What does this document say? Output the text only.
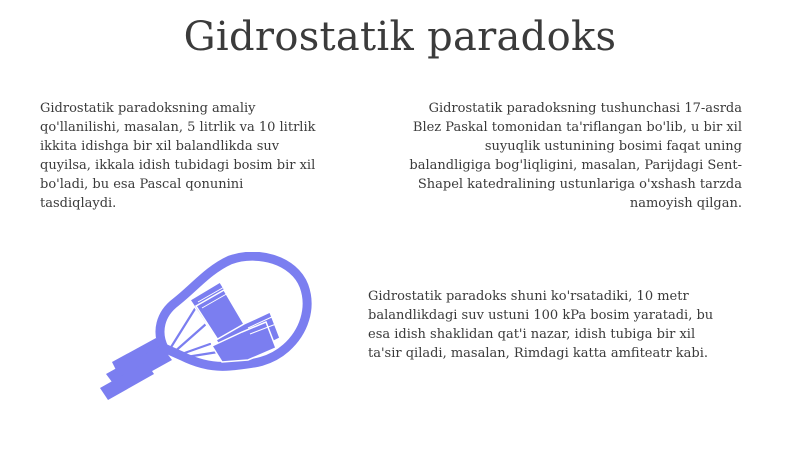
Gidrostatik paradoks
Gidrostatik paradoksning amaliy
qo'llanilishi, masalan, 5 litrlik va 10 litrlik
ikkita idishga bir xil balandlikda suv
quyilsa, ikkala idish tubidagi bosim bir xil
bo'ladi, bu esa Pascal qonunini
tasdiqlaydi.
Gidrostatik paradoksning tushunchasi 17-asrda
Blez Paskal tomonidan ta'riflangan bo'lib, u bir xil
suyuqlik ustunining bosimi faqat uning
balandligiga bog'liqligini, masalan, Parijdagi Sent-
Shapel katedralining ustunlariga o'xshash tarzda
namoyish qilgan.
Gidrostatik paradoks shuni ko'rsatadiki, 10 metr
balandlikdagi suv ustuni 100 kPa bosim yaratadi, bu
esa idish shaklidan qat'i nazar, idish tubiga bir xil
ta'sir qiladi, masalan, Rimdagi katta amfiteatr kabi.
